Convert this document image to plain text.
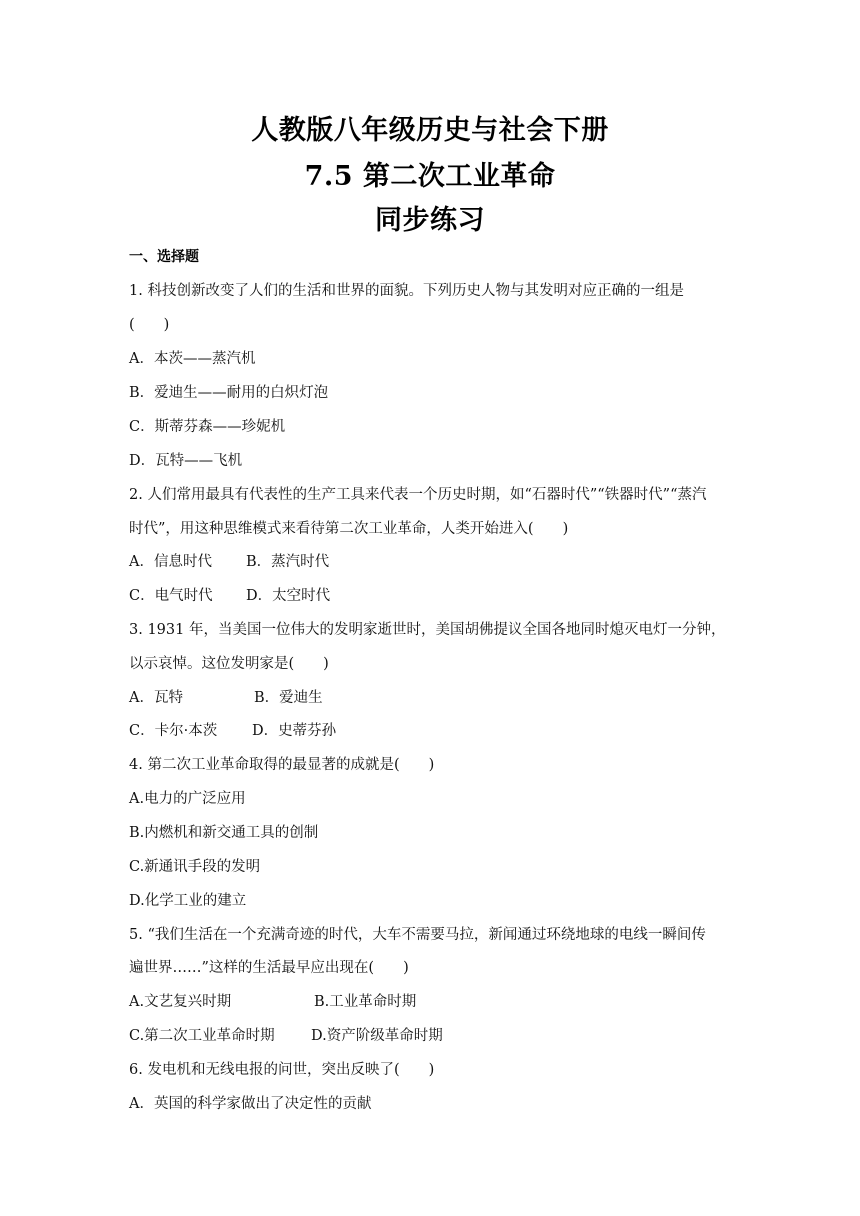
人教版八年级历史与社会下册
7.5 第二次工业革命
同步练习
一、选择题
1. 科技创新改变了人们的生活和世界的面貌。下列历史人物与其发明对应正确的一组是
(　　)
A．本茨——蒸汽机
B．爱迪生——耐用的白炽灯泡
C．斯蒂芬森——珍妮机
D．瓦特——飞机
2. 人们常用最具有代表性的生产工具来代表一个历史时期，如“石器时代”“铁器时代”“蒸汽
时代”，用这种思维模式来看待第二次工业革命，人类开始进入(　　)
A．信息时代 B．蒸汽时代
C．电气时代 D．太空时代
3. 1931 年，当美国一位伟大的发明家逝世时，美国胡佛提议全国各地同时熄灭电灯一分钟，
以示哀悼。这位发明家是(　　)
A．瓦特	B．爱迪生
C．卡尔·本茨 D．史蒂芬孙
4. 第二次工业革命取得的最显著的成就是(　　)
A.电力的广泛应用
B.内燃机和新交通工具的创制
C.新通讯手段的发明
D.化学工业的建立
5. “我们生活在一个充满奇迹的时代，大车不需要马拉，新闻通过环绕地球的电线一瞬间传
遍世界……”这样的生活最早应出现在(　　)
A.文艺复兴时期	B.工业革命时期
C.第二次工业革命时期	D.资产阶级革命时期
6. 发电机和无线电报的问世，突出反映了(　　)
A．英国的科学家做出了决定性的贡献
